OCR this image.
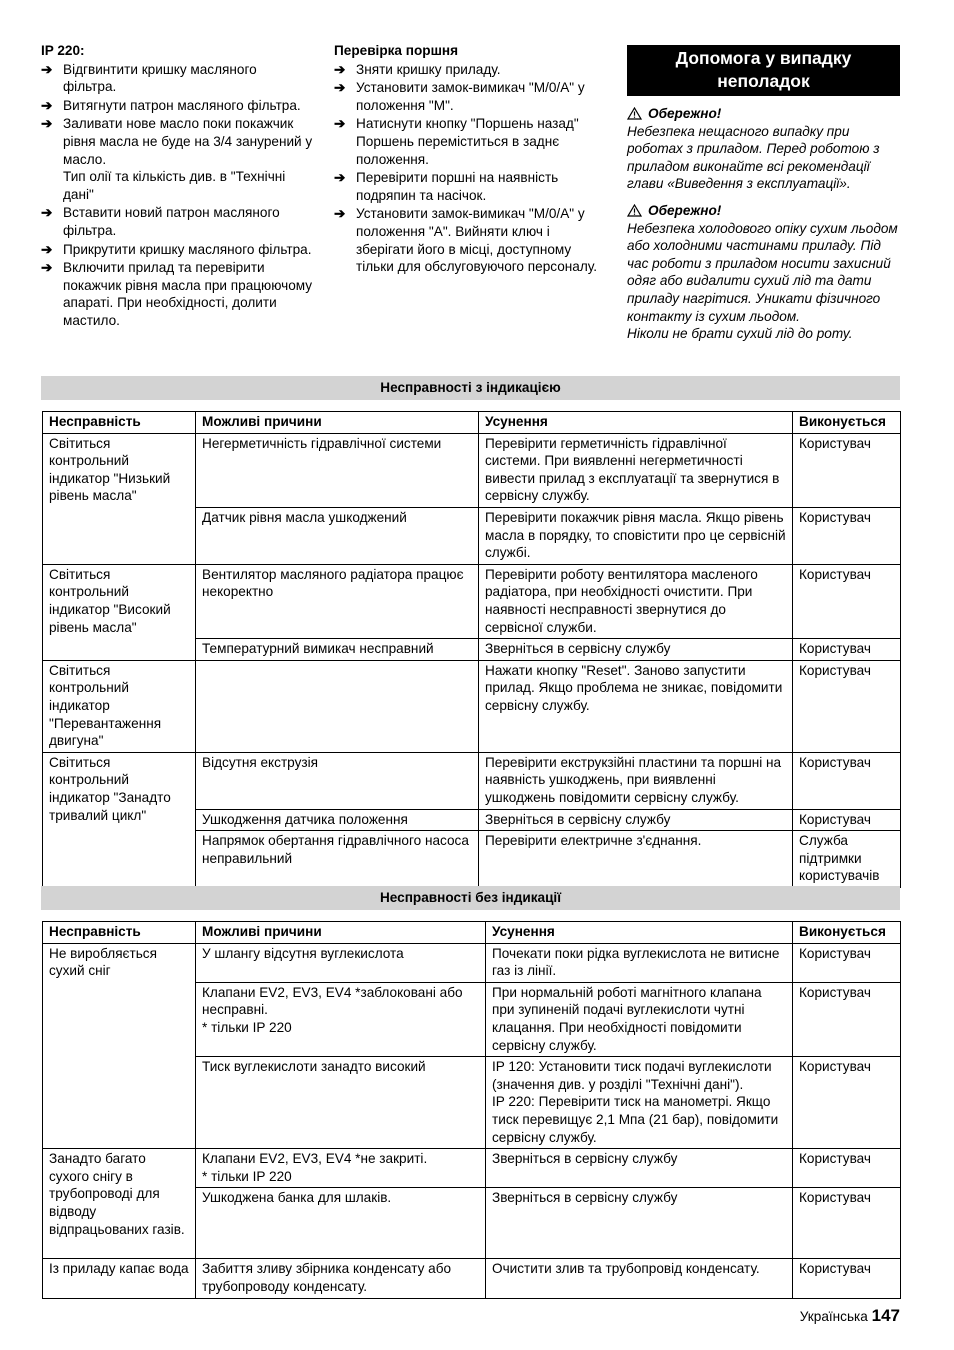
IP 220:
➔ Відгвинтити кришку масляного фільтра.
➔ Витягнути патрон масляного фільтра.
➔ Заливати нове масло поки покажчик рівня масла не буде на 3/4 занурений у масло.
Тип олії та кількість див. в "Технічні дані"
➔ Вставити новий патрон масляного фільтра.
➔ Прикрутити кришку масляного фільтра.
➔ Включити прилад та перевірити покажчик рівня масла при працюючому апараті. При необхідності, долити мастило.
Перевірка поршня
➔ Зняти кришку приладу.
➔ Установити замок-вимикач "M/0/A" у положення "M".
➔ Натиснути кнопку "Поршень назад" Поршень переміститься в заднє положення.
➔ Перевірити поршні на наявність подряпин та насічок.
➔ Установити замок-вимикач "M/0/A" у положення "A". Вийняти ключ і зберігати його в місці, доступному тільки для обслуговуючого персоналу.
Допомога у випадку неполадок
Обережно!
Небезпека нещасного випадку при роботах з приладом. Перед роботою з приладом виконайте всі рекомендації глави «Виведення з експлуатації».
Обережно!
Небезпека холодового опіку сухим льодом або холодними частинами приладу. Під час роботи з приладом носити захисний одяг або видалити сухий лід та дати приладу нагрітися. Уникати фізичного контакту із сухим льодом.
Ніколи не брати сухий лід до роту.
Несправності з індикацією
Несправність	Можливі причини	Усунення	Виконується
Світиться контрольний індикатор "Низький рівень масла"	Негерметичність гідравлічної системи	Перевірити герметичність гідравлічної системи. При виявленні негерметичності вивести прилад з експлуатації та звернутися в сервісну службу.	Користувач
	Датчик рівня масла ушкоджений	Перевірити покажчик рівня масла. Якщо рівень масла в порядку, то сповістити про це сервісній службі.	Користувач
Світиться контрольний індикатор "Високий рівень масла"	Вентилятор масляного радіатора працює некоректно	Перевірити роботу вентилятора масленого радіатора, при необхідності очистити. При наявності несправності звернутися до сервісної служби.	Користувач
	Температурний вимикач несправний	Зверніться в сервісну службу	Користувач
Світиться контрольний індикатор "Перевантаження двигуна"		Нажати кнопку "Reset". Заново запустити прилад. Якщо проблема не зникає, повідомити сервісну службу.	Користувач
Світиться контрольний індикатор "Занадто тривалий цикл"	Відсутня екструзія	Перевірити екструкзійні пластини та поршні на наявність ушкоджень, при виявленні ушкоджень повідомити сервісну службу.	Користувач
	Ушкодження датчика положення	Зверніться в сервісну службу	Користувач
	Напрямок обертання гідравлічного насоса неправильний	Перевірити електричне з'єднання.	Служба підтримки користувачів
Несправності без індикації
Несправність	Можливі причини	Усунення	Виконується
Не виробляється сухий сніг	У шлангу відсутня вуглекислота	Почекати поки рідка вуглекислота не витисне газ із лінії.	Користувач
	Клапани EV2, EV3, EV4 *заблоковані або несправні.
* тільки IP 220	При нормальній роботі магнітного клапана при зупиненій подачі вуглекислоти чутні клацання. При необхідності повідомити сервісну службу.	Користувач
	Тиск вуглекислоти занадто високий	IP 120: Установити тиск подачі вуглекислоти (значення див. у розділі "Технічні дані").
IP 220: Перевірити тиск на манометрі. Якщо тиск перевищує 2,1 Мпа (21 бар), повідомити сервісну службу.	Користувач
Занадто багато сухого снігу в трубопроводі для відводу відпрацьованих газів.	Клапани EV2, EV3, EV4 *не закриті.
* тільки IP 220	Зверніться в сервісну службу	Користувач
	Ушкоджена банка для шлаків.	Зверніться в сервісну службу	Користувач
Із приладу капає вода	Забиття зливу збірника конденсату або трубопроводу конденсату.	Очистити злив та трубопровід конденсату.	Користувач
Українська 147
